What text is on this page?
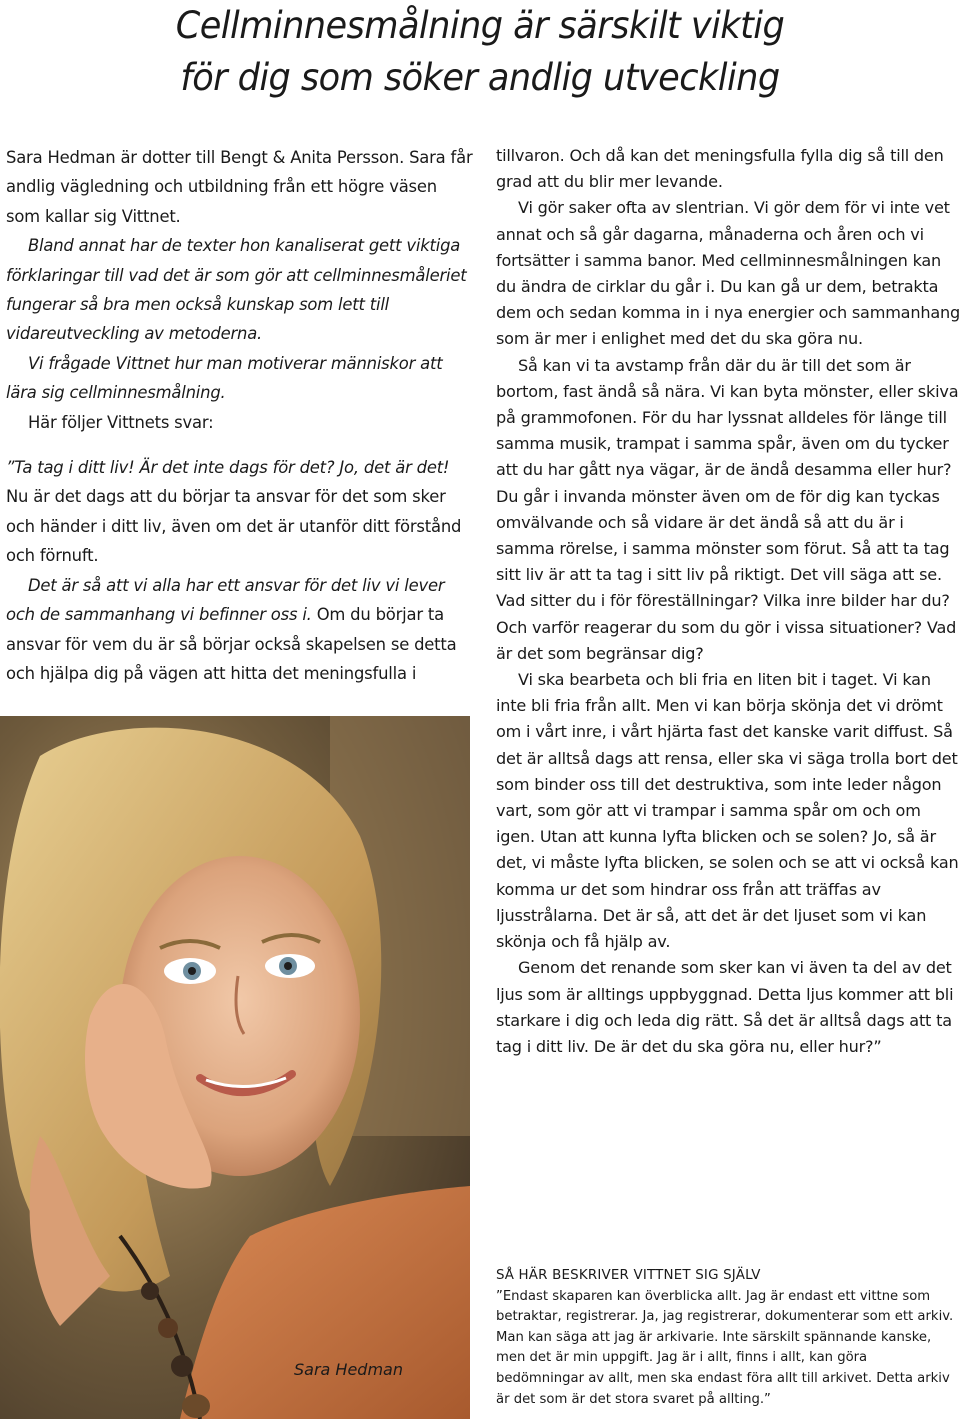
Cellminnesmålning är särskilt viktig
för dig som söker andlig utveckling

Sara Hedman är dotter till Bengt & Anita Persson. Sara får andlig vägledning och utbildning från ett högre väsen som kallar sig Vittnet.

Bland annat har de texter hon kanaliserat gett viktiga förklaringar till vad det är som gör att cellminnesmåleriet fungerar så bra men också kunskap som lett till vidareutveckling av metoderna.

Vi frågade Vittnet hur man motiverar människor att lära sig cellminnesmålning.

Här följer Vittnets svar:

”Ta tag i ditt liv! Är det inte dags för det? Jo, det är det! Nu är det dags att du börjar ta ansvar för det som sker och händer i ditt liv, även om det är utanför ditt förstånd och förnuft.

Det är så att vi alla har ett ansvar för det liv vi lever och de sammanhang vi befinner oss i. Om du börjar ta ansvar för vem du är så börjar också skapelsen se detta och hjälpa dig på vägen att hitta det meningsfulla i

tillvaron. Och då kan det meningsfulla fylla dig så till den grad att du blir mer levande.

Vi gör saker ofta av slentrian. Vi gör dem för vi inte vet annat och så går dagarna, månaderna och åren och vi fortsätter i samma banor. Med cellminnesmålningen kan du ändra de cirklar du går i. Du kan gå ur dem, betrakta dem och sedan komma in i nya energier och sammanhang som är mer i enlighet med det du ska göra nu.

Så kan vi ta avstamp från där du är till det som är bortom, fast ändå så nära. Vi kan byta mönster, eller skiva på grammofonen. För du har lyssnat alldeles för länge till samma musik, trampat i samma spår, även om du tycker att du har gått nya vägar, är de ändå desamma eller hur? Du går i invanda mönster även om de för dig kan tyckas omvälvande och så vidare är det ändå så att du är i samma rörelse, i samma mönster som förut. Så att ta tag sitt liv är att ta tag i sitt liv på riktigt. Det vill säga att se. Vad sitter du i för föreställningar? Vilka inre bilder har du? Och varför reagerar du som du gör i vissa situationer? Vad är det som begränsar dig?

Vi ska bearbeta och bli fria en liten bit i taget. Vi kan inte bli fria från allt. Men vi kan börja skönja det vi drömt om i vårt inre, i vårt hjärta fast det kanske varit diffust. Så det är alltså dags att rensa, eller ska vi säga trolla bort det som binder oss till det destruktiva, som inte leder någon vart, som gör att vi trampar i samma spår om och om igen. Utan att kunna lyfta blicken och se solen? Jo, så är det, vi måste lyfta blicken, se solen och se att vi också kan komma ur det som hindrar oss från att träffas av ljusstrålarna. Det är så, att det är det ljuset som vi kan skönja och få hjälp av.

Genom det renande som sker kan vi även ta del av det ljus som är alltings uppbyggnad. Detta ljus kommer att bli starkare i dig och leda dig rätt. Så det är alltså dags att ta tag i ditt liv. De är det du ska göra nu, eller hur?”

Sara Hedman

SÅ HÄR BESKRIVER VITTNET SIG SJÄLV

”Endast skaparen kan överblicka allt. Jag är endast ett vittne som betraktar, registrerar. Ja, jag registrerar, dokumenterar som ett arkiv. Man kan säga att jag är arkivarie. Inte särskilt spännande kanske, men det är min uppgift. Jag är i allt, finns i allt, kan göra bedömningar av allt, men ska endast föra allt till arkivet. Detta arkiv är det som är det stora svaret på allting.”
